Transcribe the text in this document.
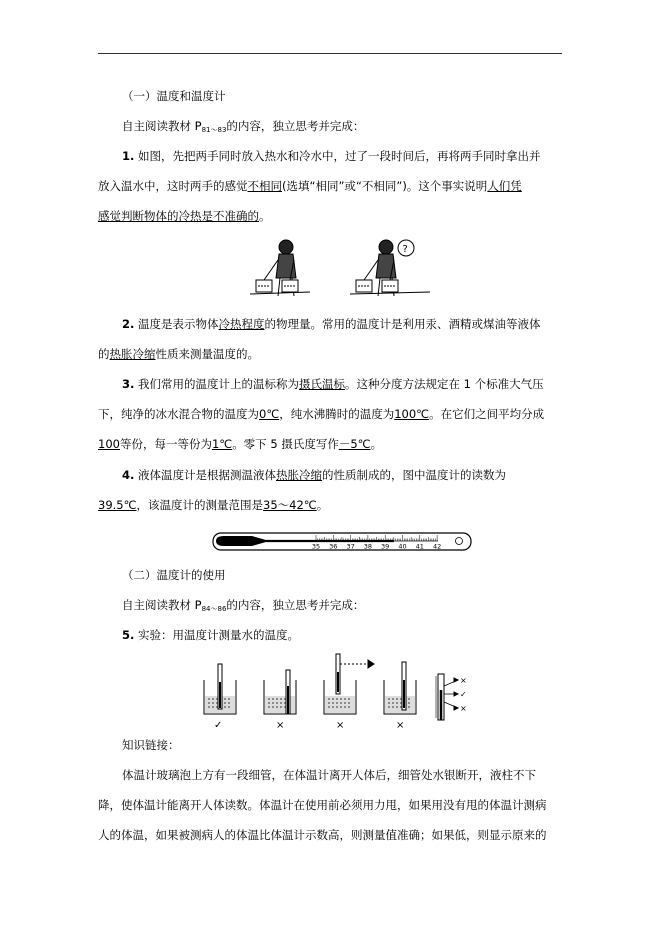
（一）温度和温度计
自主阅读教材 $P_{81\sim 83}$的内容，独立思考并完成：
1. 如图，先把两手同时放入热水和冷水中，过了一段时间后，再将两手同时拿出并
放入温水中，这时两手的感觉不相同(选填“相同”或“不相同”)。这个事实说明人们凭
感觉判断物体的冷热是不准确的。
?
2. 温度是表示物体冷热程度的物理量。常用的温度计是利用汞、酒精或煤油等液体
的热胀冷缩性质来测量温度的。
3. 我们常用的温度计上的温标称为摄氏温标。这种分度方法规定在 1 个标准大气压
下，纯净的冰水混合物的温度为0℃，纯水沸腾时的温度为100℃。在它们之间平均分成
100等份，每一等份为1℃。零下 5 摄氏度写作－5℃。
4. 液体温度计是根据测温液体热胀冷缩的性质制成的，图中温度计的读数为
39.5℃，该温度计的测量范围是35～42℃。
35 36 37 38 39 40 41 42
（二）温度计的使用
自主阅读教材 $P_{84\sim 86}$的内容，独立思考并完成：
5. 实验：用温度计测量水的温度。
×
✓
×
✓	×	×	×
知识链接：
体温计玻璃泡上方有一段细管，在体温计离开人体后，细管处水银断开，液柱不下
降，使体温计能离开人体读数。体温计在使用前必须用力甩，如果用没有甩的体温计测病
人的体温，如果被测病人的体温比体温计示数高，则测量值准确；如果低，则显示原来的
